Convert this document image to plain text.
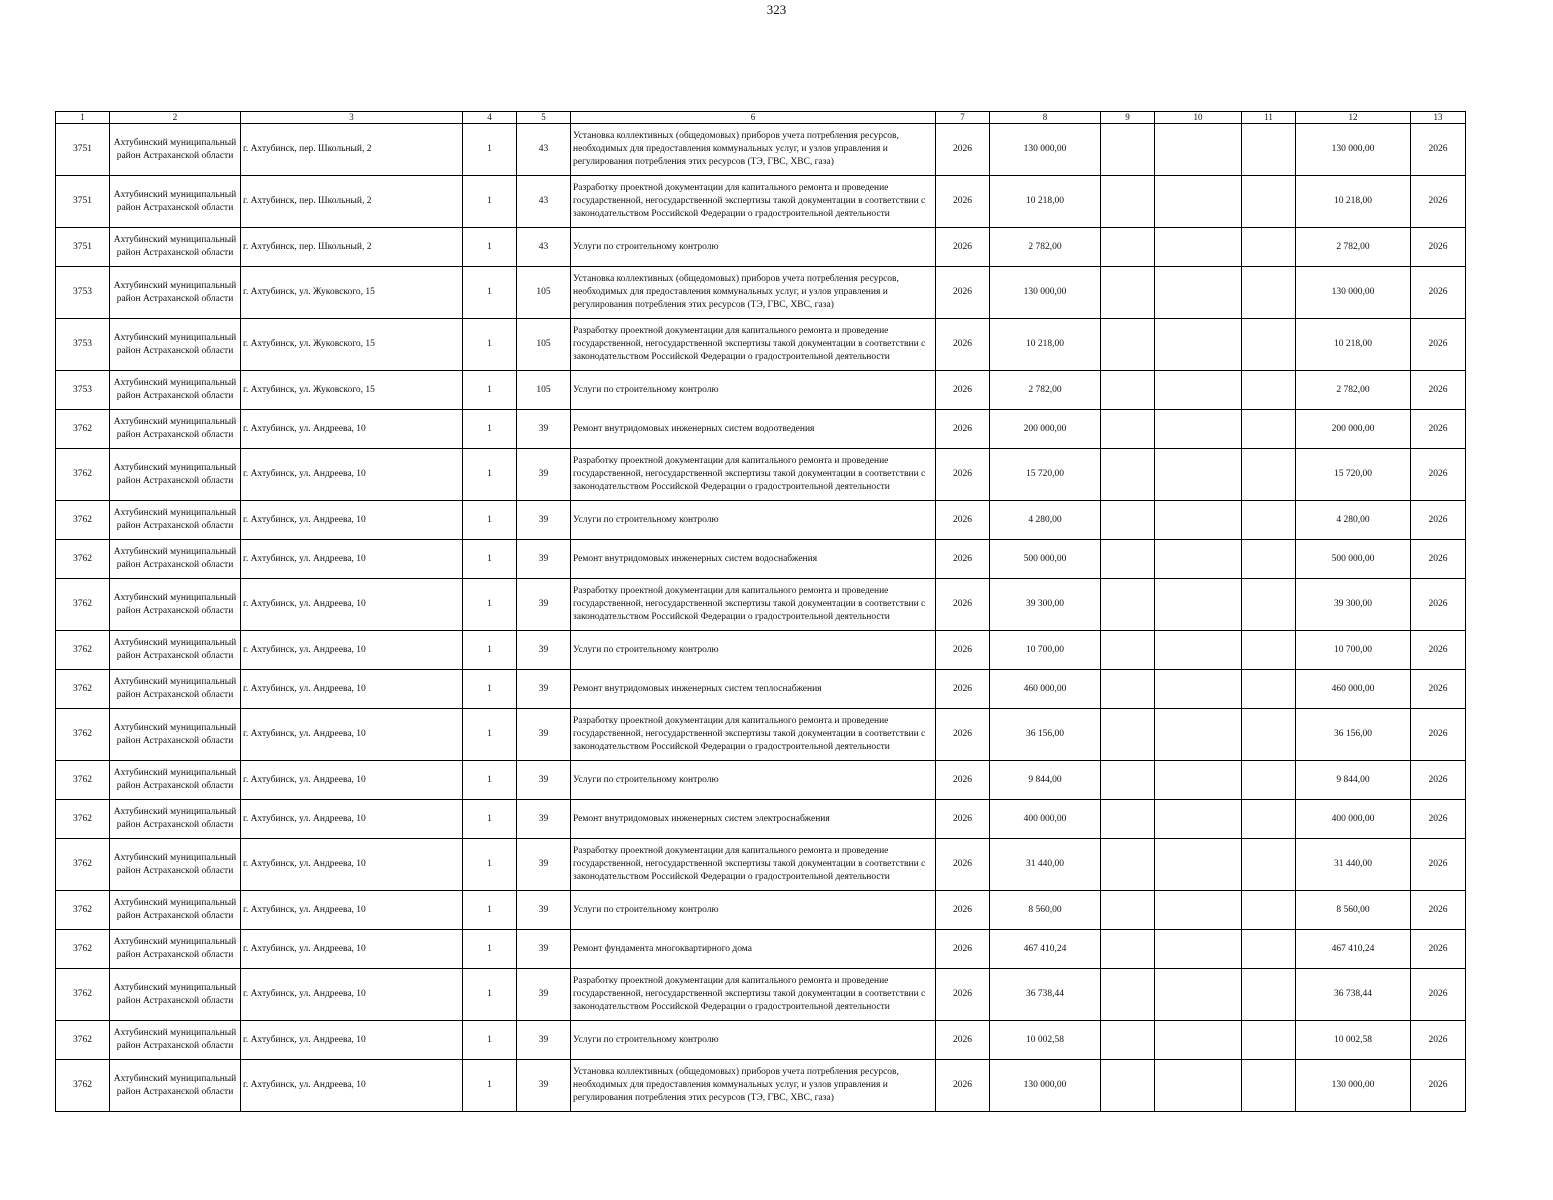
323
1	2	3	4	5	6	7	8	9	10	11	12	13
3751	Ахтубинский муниципальный район Астраханской области	г. Ахтубинск, пер. Школьный, 2	1	43	Установка коллективных (общедомовых) приборов учета потребления ресурсов, необходимых для предоставления коммунальных услуг, и узлов управления и регулирования потребления этих ресурсов (ТЭ, ГВС, ХВС, газа)	2026	130 000,00				130 000,00	2026
3751	Ахтубинский муниципальный район Астраханской области	г. Ахтубинск, пер. Школьный, 2	1	43	Разработку проектной документации для капитального ремонта и проведение государственной, негосударственной экспертизы такой документации в соответствии с законодательством Российской Федерации о градостроительной деятельности	2026	10 218,00				10 218,00	2026
3751	Ахтубинский муниципальный район Астраханской области	г. Ахтубинск, пер. Школьный, 2	1	43	Услуги по строительному контролю	2026	2 782,00				2 782,00	2026
3753	Ахтубинский муниципальный район Астраханской области	г. Ахтубинск, ул. Жуковского, 15	1	105	Установка коллективных (общедомовых) приборов учета потребления ресурсов, необходимых для предоставления коммунальных услуг, и узлов управления и регулирования потребления этих ресурсов (ТЭ, ГВС, ХВС, газа)	2026	130 000,00				130 000,00	2026
3753	Ахтубинский муниципальный район Астраханской области	г. Ахтубинск, ул. Жуковского, 15	1	105	Разработку проектной документации для капитального ремонта и проведение государственной, негосударственной экспертизы такой документации в соответствии с законодательством Российской Федерации о градостроительной деятельности	2026	10 218,00				10 218,00	2026
3753	Ахтубинский муниципальный район Астраханской области	г. Ахтубинск, ул. Жуковского, 15	1	105	Услуги по строительному контролю	2026	2 782,00				2 782,00	2026
3762	Ахтубинский муниципальный район Астраханской области	г. Ахтубинск, ул. Андреева, 10	1	39	Ремонт внутридомовых инженерных систем водоотведения	2026	200 000,00				200 000,00	2026
3762	Ахтубинский муниципальный район Астраханской области	г. Ахтубинск, ул. Андреева, 10	1	39	Разработку проектной документации для капитального ремонта и проведение государственной, негосударственной экспертизы такой документации в соответствии с законодательством Российской Федерации о градостроительной деятельности	2026	15 720,00				15 720,00	2026
3762	Ахтубинский муниципальный район Астраханской области	г. Ахтубинск, ул. Андреева, 10	1	39	Услуги по строительному контролю	2026	4 280,00				4 280,00	2026
3762	Ахтубинский муниципальный район Астраханской области	г. Ахтубинск, ул. Андреева, 10	1	39	Ремонт внутридомовых инженерных систем водоснабжения	2026	500 000,00				500 000,00	2026
3762	Ахтубинский муниципальный район Астраханской области	г. Ахтубинск, ул. Андреева, 10	1	39	Разработку проектной документации для капитального ремонта и проведение государственной, негосударственной экспертизы такой документации в соответствии с законодательством Российской Федерации о градостроительной деятельности	2026	39 300,00				39 300,00	2026
3762	Ахтубинский муниципальный район Астраханской области	г. Ахтубинск, ул. Андреева, 10	1	39	Услуги по строительному контролю	2026	10 700,00				10 700,00	2026
3762	Ахтубинский муниципальный район Астраханской области	г. Ахтубинск, ул. Андреева, 10	1	39	Ремонт внутридомовых инженерных систем теплоснабжения	2026	460 000,00				460 000,00	2026
3762	Ахтубинский муниципальный район Астраханской области	г. Ахтубинск, ул. Андреева, 10	1	39	Разработку проектной документации для капитального ремонта и проведение государственной, негосударственной экспертизы такой документации в соответствии с законодательством Российской Федерации о градостроительной деятельности	2026	36 156,00				36 156,00	2026
3762	Ахтубинский муниципальный район Астраханской области	г. Ахтубинск, ул. Андреева, 10	1	39	Услуги по строительному контролю	2026	9 844,00				9 844,00	2026
3762	Ахтубинский муниципальный район Астраханской области	г. Ахтубинск, ул. Андреева, 10	1	39	Ремонт внутридомовых инженерных систем электроснабжения	2026	400 000,00				400 000,00	2026
3762	Ахтубинский муниципальный район Астраханской области	г. Ахтубинск, ул. Андреева, 10	1	39	Разработку проектной документации для капитального ремонта и проведение государственной, негосударственной экспертизы такой документации в соответствии с законодательством Российской Федерации о градостроительной деятельности	2026	31 440,00				31 440,00	2026
3762	Ахтубинский муниципальный район Астраханской области	г. Ахтубинск, ул. Андреева, 10	1	39	Услуги по строительному контролю	2026	8 560,00				8 560,00	2026
3762	Ахтубинский муниципальный район Астраханской области	г. Ахтубинск, ул. Андреева, 10	1	39	Ремонт фундамента многоквартирного дома	2026	467 410,24				467 410,24	2026
3762	Ахтубинский муниципальный район Астраханской области	г. Ахтубинск, ул. Андреева, 10	1	39	Разработку проектной документации для капитального ремонта и проведение государственной, негосударственной экспертизы такой документации в соответствии с законодательством Российской Федерации о градостроительной деятельности	2026	36 738,44				36 738,44	2026
3762	Ахтубинский муниципальный район Астраханской области	г. Ахтубинск, ул. Андреева, 10	1	39	Услуги по строительному контролю	2026	10 002,58				10 002,58	2026
3762	Ахтубинский муниципальный район Астраханской области	г. Ахтубинск, ул. Андреева, 10	1	39	Установка коллективных (общедомовых) приборов учета потребления ресурсов, необходимых для предоставления коммунальных услуг, и узлов управления и регулирования потребления этих ресурсов (ТЭ, ГВС, ХВС, газа)	2026	130 000,00				130 000,00	2026
